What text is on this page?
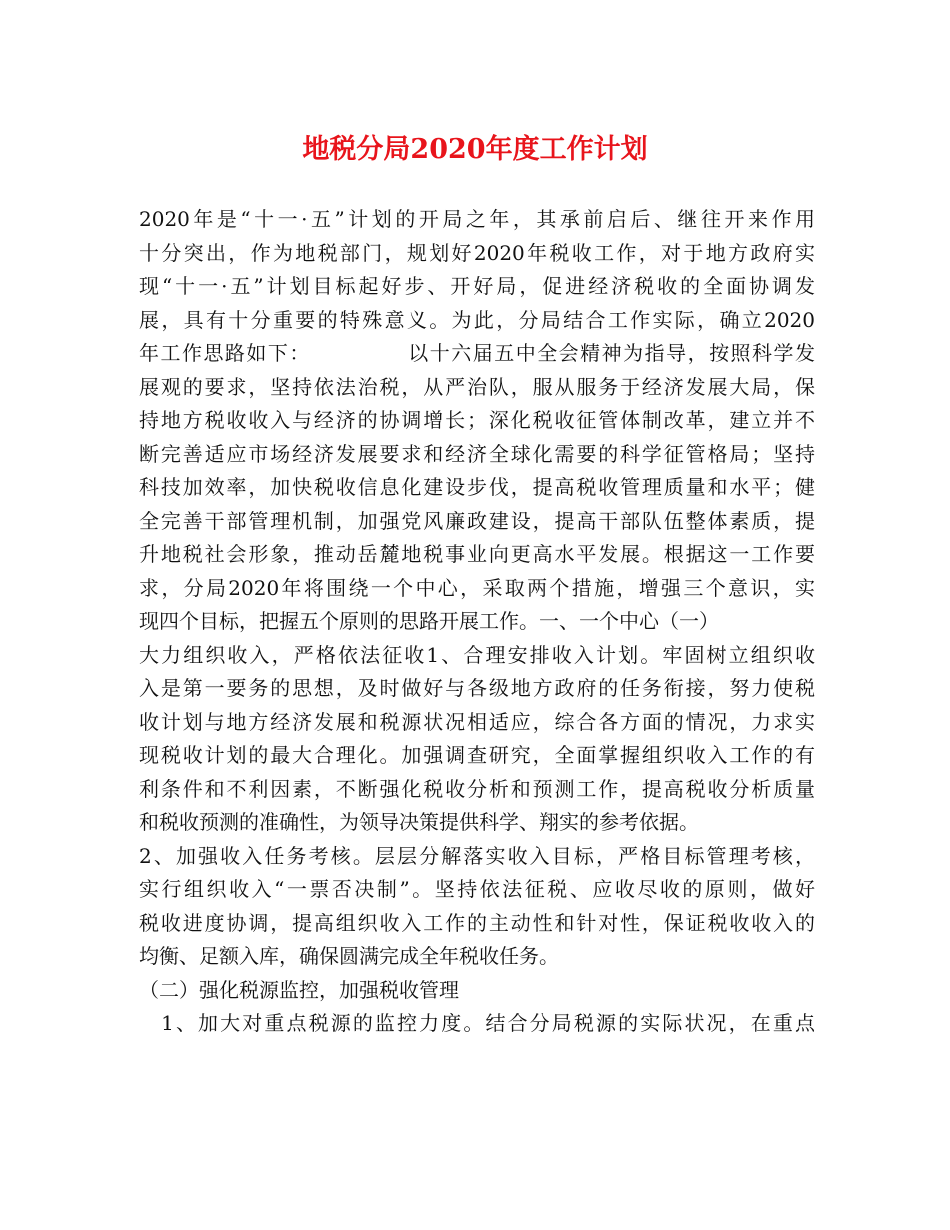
地税分局2020年度工作计划

2020年是“十一·五”计划的开局之年，其承前启后、继往开来作用

十分突出，作为地税部门，规划好2020年税收工作，对于地方政府实

现“十一·五”计划目标起好步、开好局，促进经济税收的全面协调发

展，具有十分重要的特殊意义。为此，分局结合工作实际，确立2020

年工作思路如下：　　　　　以十六届五中全会精神为指导，按照科学发

展观的要求，坚持依法治税，从严治队，服从服务于经济发展大局，保

持地方税收收入与经济的协调增长；深化税收征管体制改革，建立并不

断完善适应市场经济发展要求和经济全球化需要的科学征管格局；坚持

科技加效率，加快税收信息化建设步伐，提高税收管理质量和水平；健

全完善干部管理机制，加强党风廉政建设，提高干部队伍整体素质，提

升地税社会形象，推动岳麓地税事业向更高水平发展。根据这一工作要

求，分局2020年将围绕一个中心，采取两个措施，增强三个意识，实

现四个目标，把握五个原则的思路开展工作。一、一个中心（一）

大力组织收入，严格依法征收1、合理安排收入计划。牢固树立组织收

入是第一要务的思想，及时做好与各级地方政府的任务衔接，努力使税

收计划与地方经济发展和税源状况相适应，综合各方面的情况，力求实

现税收计划的最大合理化。加强调查研究，全面掌握组织收入工作的有

利条件和不利因素，不断强化税收分析和预测工作，提高税收分析质量

和税收预测的准确性，为领导决策提供科学、翔实的参考依据。

2、加强收入任务考核。层层分解落实收入目标，严格目标管理考核，

实行组织收入“一票否决制”。坚持依法征税、应收尽收的原则，做好

税收进度协调，提高组织收入工作的主动性和针对性，保证税收收入的

均衡、足额入库，确保圆满完成全年税收任务。

（二）强化税源监控，加强税收管理

　1、加大对重点税源的监控力度。结合分局税源的实际状况，在重点
